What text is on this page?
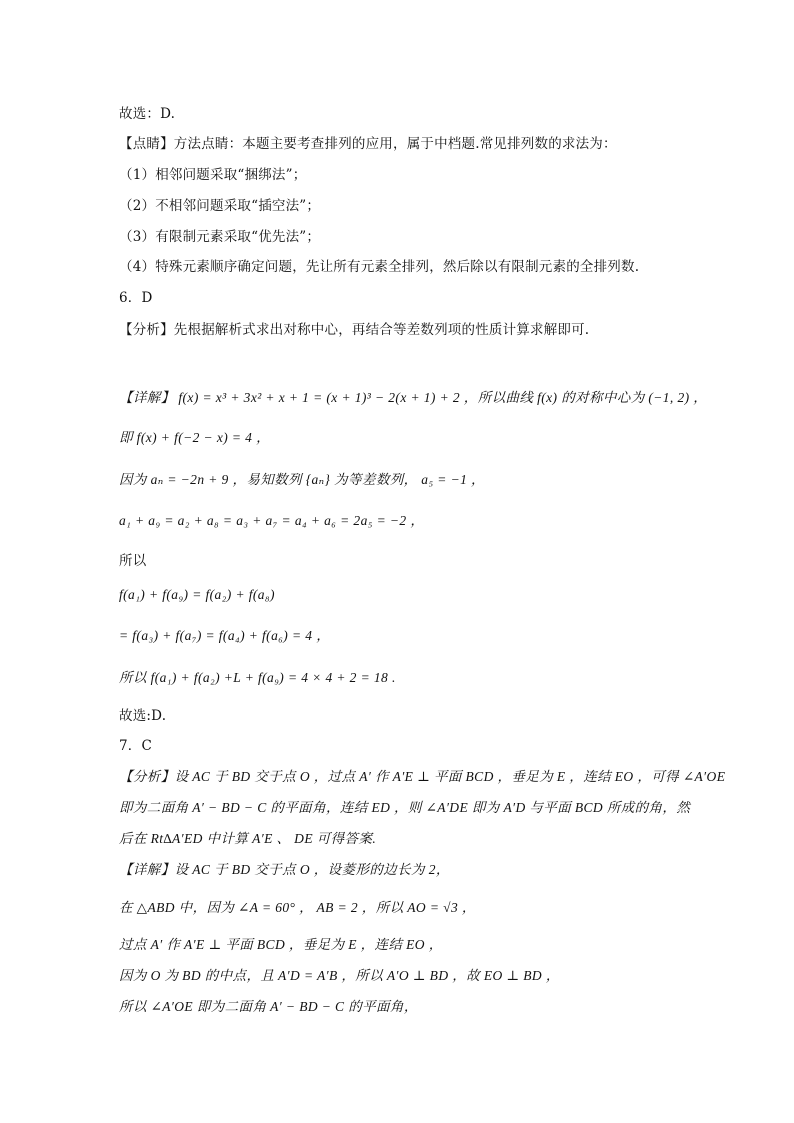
故选：D.
【点睛】方法点睛：本题主要考查排列的应用，属于中档题.常见排列数的求法为：
（1）相邻问题采取“捆绑法”；
（2）不相邻问题采取“插空法”；
（3）有限制元素采取“优先法”；
（4）特殊元素顺序确定问题，先让所有元素全排列，然后除以有限制元素的全排列数.
6．D
【分析】先根据解析式求出对称中心，再结合等差数列项的性质计算求解即可.
【详解】 f(x) = x³ + 3x² + x + 1 = (x + 1)³ − 2(x + 1) + 2 ，所以曲线 f(x) 的对称中心为 (−1, 2) ，
即 f(x) + f(−2 − x) = 4 ，
因为 aₙ = −2n + 9 ，易知数列 {aₙ} 为等差数列， a₅ = −1 ，
a₁ + a₉ = a₂ + a₈ = a₃ + a₇ = a₄ + a₆ = 2a₅ = −2 ，
所以
f(a₁) + f(a₉) = f(a₂) + f(a₈)
= f(a₃) + f(a₇) = f(a₄) + f(a₆) = 4 ，
所以 f(a₁) + f(a₂) +L + f(a₉) = 4 × 4 + 2 = 18 .
故选:D.
7．C
【分析】设 AC 于 BD 交于点 O ，过点 A′ 作 A′E ⊥ 平面 BCD ，垂足为 E ，连结 EO ，可得 ∠A′OE
即为二面角 A′ − BD − C 的平面角，连结 ED ，则 ∠A′DE 即为 A′D 与平面 BCD 所成的角，然
后在 Rt∆A′ED 中计算 A′E 、 DE 可得答案.
【详解】设 AC 于 BD 交于点 O ，设菱形的边长为 2，
在 △ABD 中，因为 ∠A = 60° ， AB = 2 ，所以 AO = √3 ，
过点 A′ 作 A′E ⊥ 平面 BCD ，垂足为 E ，连结 EO ，
因为 O 为 BD 的中点，且 A′D = A′B ，所以 A′O ⊥ BD ，故 EO ⊥ BD ，
所以 ∠A′OE 即为二面角 A′ − BD − C 的平面角，
